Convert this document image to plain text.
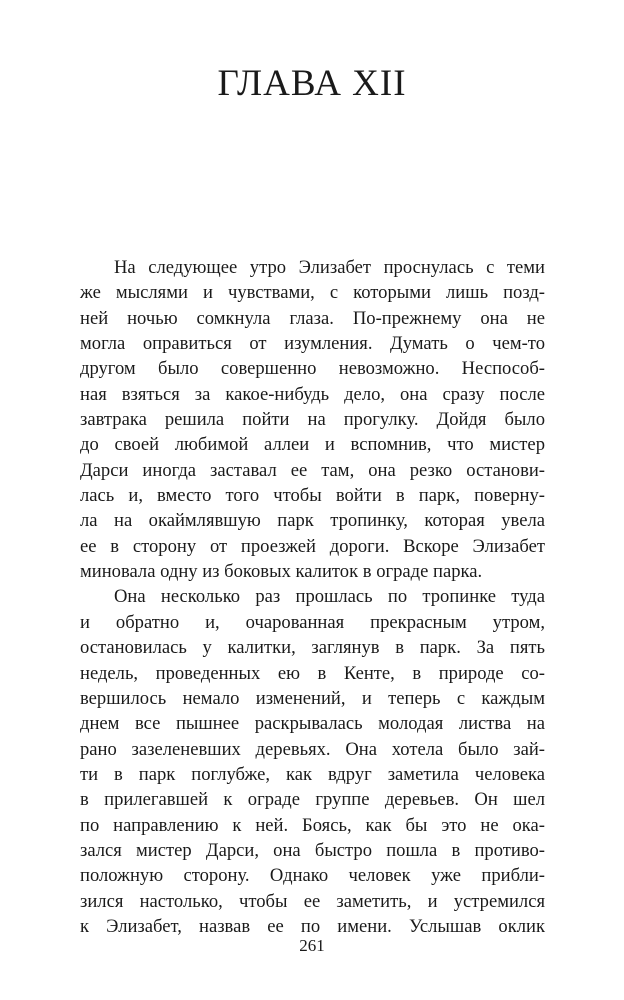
ГЛАВА XII
На следующее утро Элизабет проснулась с теми
же мыслями и чувствами, с которыми лишь позд-
ней ночью сомкнула глаза. По-прежнему она не
могла оправиться от изумления. Думать о чем-то
другом было совершенно невозможно. Неспособ-
ная взяться за какое-нибудь дело, она сразу после
завтрака решила пойти на прогулку. Дойдя было
до своей любимой аллеи и вспомнив, что мистер
Дарси иногда заставал ее там, она резко останови-
лась и, вместо того чтобы войти в парк, поверну-
ла на окаймлявшую парк тропинку, которая увела
ее в сторону от проезжей дороги. Вскоре Элизабет
миновала одну из боковых калиток в ограде парка.
Она несколько раз прошлась по тропинке туда
и обратно и, очарованная прекрасным утром,
остановилась у калитки, заглянув в парк. За пять
недель, проведенных ею в Кенте, в природе со-
вершилось немало изменений, и теперь с каждым
днем все пышнее раскрывалась молодая листва на
рано зазеленевших деревьях. Она хотела было зай-
ти в парк поглубже, как вдруг заметила человека
в прилегавшей к ограде группе деревьев. Он шел
по направлению к ней. Боясь, как бы это не ока-
зался мистер Дарси, она быстро пошла в противо-
положную сторону. Однако человек уже прибли-
зился настолько, чтобы ее заметить, и устремился
к Элизабет, назвав ее по имени. Услышав оклик
261
